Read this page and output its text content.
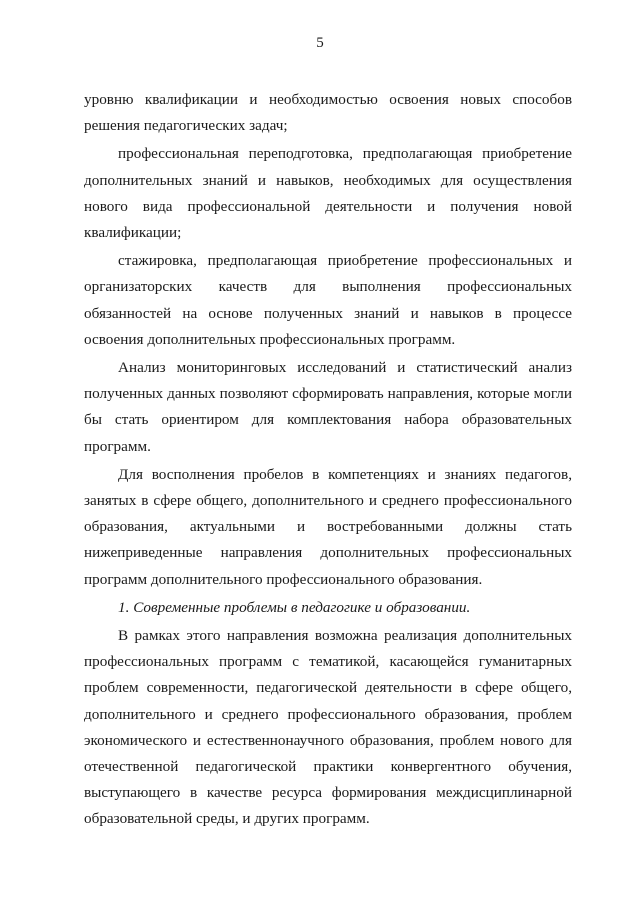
5

уровню квалификации и необходимостью освоения новых способов решения педагогических задач;

профессиональная переподготовка, предполагающая приобретение дополнительных знаний и навыков, необходимых для осуществления нового вида профессиональной деятельности и получения новой квалификации;

стажировка, предполагающая приобретение профессиональных и организаторских качеств для выполнения профессиональных обязанностей на основе полученных знаний и навыков в процессе освоения дополнительных профессиональных программ.

Анализ мониторинговых исследований и статистический анализ полученных данных позволяют сформировать направления, которые могли бы стать ориентиром для комплектования набора образовательных программ.

Для восполнения пробелов в компетенциях и знаниях педагогов, занятых в сфере общего, дополнительного и среднего профессионального образования, актуальными и востребованными должны стать нижеприведенные направления дополнительных профессиональных программ дополнительного профессионального образования.

1. Современные проблемы в педагогике и образовании.

В рамках этого направления возможна реализация дополнительных профессиональных программ с тематикой, касающейся гуманитарных проблем современности, педагогической деятельности в сфере общего, дополнительного и среднего профессионального образования, проблем экономического и естественнонаучного образования, проблем нового для отечественной педагогической практики конвергентного обучения, выступающего в качестве ресурса формирования междисциплинарной образовательной среды, и других программ.
